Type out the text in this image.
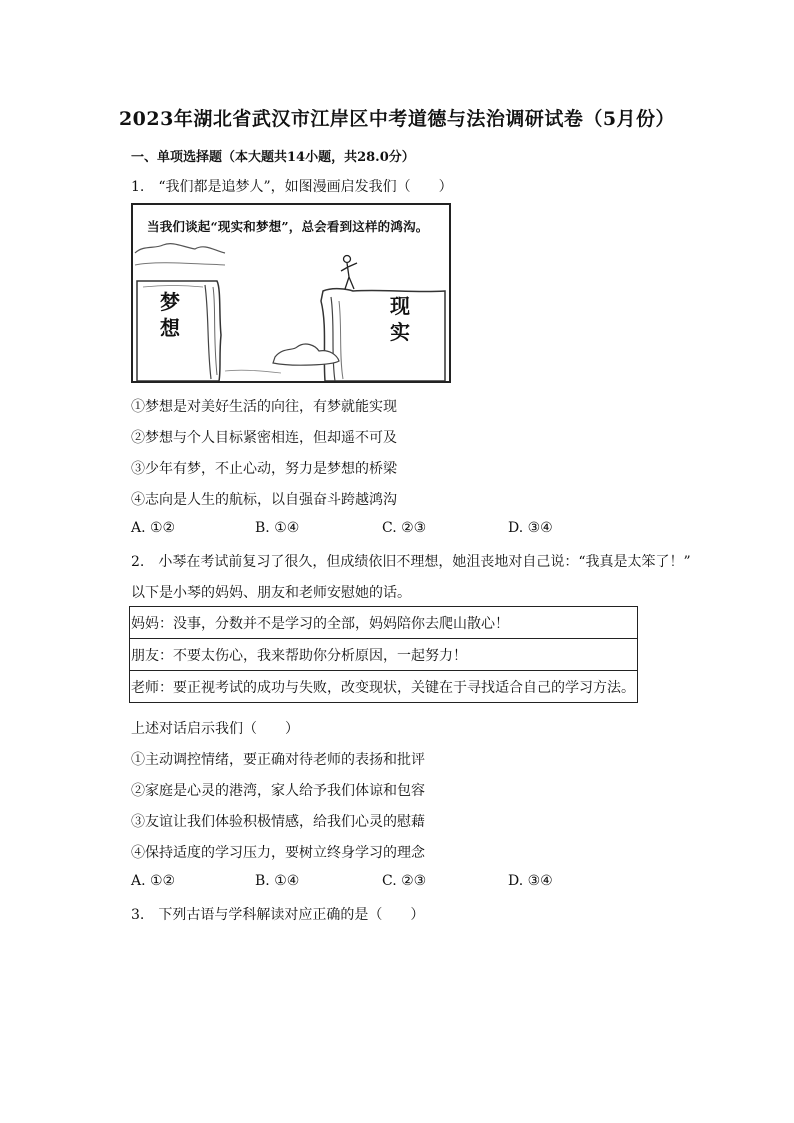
2023年湖北省武汉市江岸区中考道德与法治调研试卷（5月份）
一、单项选择题（本大题共14小题，共28.0分）
1.　“我们都是追梦人”，如图漫画启发我们（　　）
当我们谈起“现实和梦想”，总会看到这样的鸿沟。
梦
想
现
实
①梦想是对美好生活的向往，有梦就能实现
②梦想与个人目标紧密相连，但却遥不可及
③少年有梦，不止心动，努力是梦想的桥梁
④志向是人生的航标，以自强奋斗跨越鸿沟
A. ①②	B. ①④	C. ②③	D. ③④
2.　小琴在考试前复习了很久，但成绩依旧不理想，她沮丧地对自己说：“我真是太笨了！”
以下是小琴的妈妈、朋友和老师安慰她的话。
妈妈：没事，分数并不是学习的全部，妈妈陪你去爬山散心！
朋友：不要太伤心，我来帮助你分析原因，一起努力！
老师：要正视考试的成功与失败，改变现状，关键在于寻找适合自己的学习方法。
上述对话启示我们（　　）
①主动调控情绪，要正确对待老师的表扬和批评
②家庭是心灵的港湾，家人给予我们体谅和包容
③友谊让我们体验积极情感，给我们心灵的慰藉
④保持适度的学习压力，要树立终身学习的理念
A. ①②	B. ①④	C. ②③	D. ③④
3.　下列古语与学科解读对应正确的是（　　）
